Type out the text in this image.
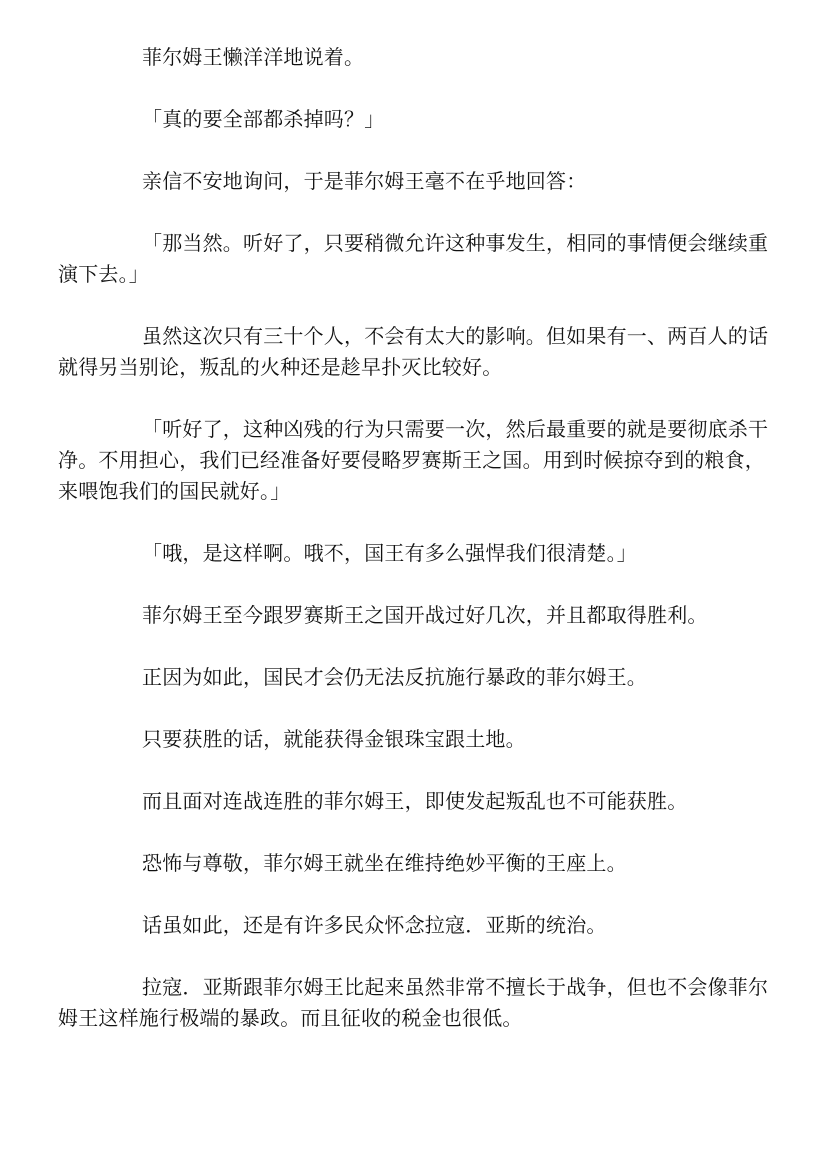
菲尔姆王懒洋洋地说着。

「真的要全部都杀掉吗？」

亲信不安地询问，于是菲尔姆王毫不在乎地回答：

「那当然。听好了，只要稍微允许这种事发生，相同的事情便会继续重演下去。」

虽然这次只有三十个人，不会有太大的影响。但如果有一、两百人的话就得另当别论，叛乱的火种还是趁早扑灭比较好。

「听好了，这种凶残的行为只需要一次，然后最重要的就是要彻底杀干净。不用担心，我们已经准备好要侵略罗赛斯王之国。用到时候掠夺到的粮食，来喂饱我们的国民就好。」

「哦，是这样啊。哦不，国王有多么强悍我们很清楚。」

菲尔姆王至今跟罗赛斯王之国开战过好几次，并且都取得胜利。

正因为如此，国民才会仍无法反抗施行暴政的菲尔姆王。

只要获胜的话，就能获得金银珠宝跟土地。

而且面对连战连胜的菲尔姆王，即使发起叛乱也不可能获胜。

恐怖与尊敬，菲尔姆王就坐在维持绝妙平衡的王座上。

话虽如此，还是有许多民众怀念拉寇．亚斯的统治。

拉寇．亚斯跟菲尔姆王比起来虽然非常不擅长于战争，但也不会像菲尔姆王这样施行极端的暴政。而且征收的税金也很低。
